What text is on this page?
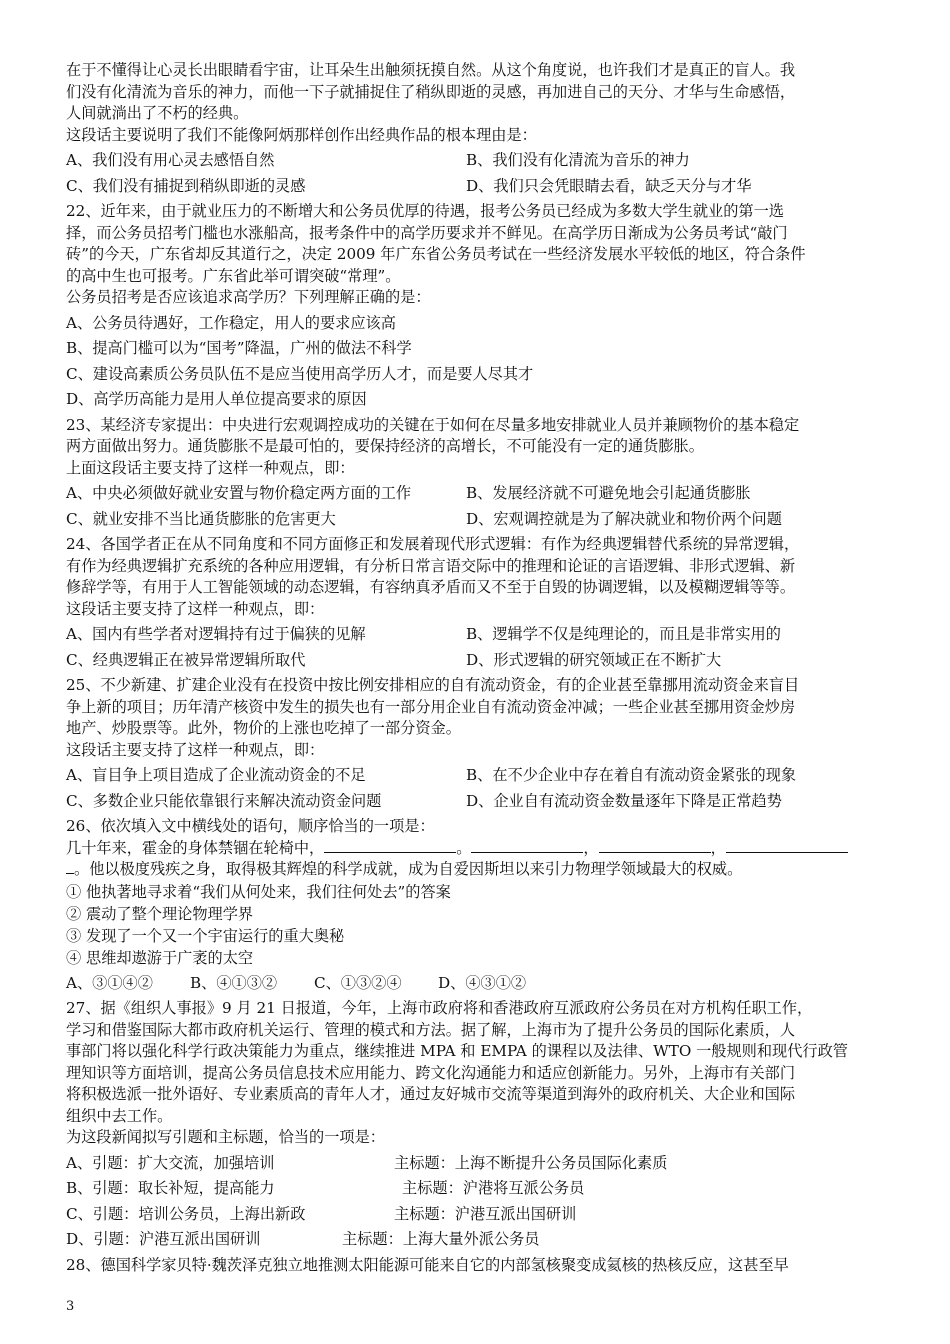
在于不懂得让心灵长出眼睛看宇宙，让耳朵生出触须抚摸自然。从这个角度说，也许我们才是真正的盲人。我

们没有化清流为音乐的神力，而他一下子就捕捉住了稍纵即逝的灵感，再加进自己的天分、才华与生命感悟，

人间就淌出了不朽的经典。

这段话主要说明了我们不能像阿炳那样创作出经典作品的根本理由是：

A、我们没有用心灵去感悟自然	B、我们没有化清流为音乐的神力
C、我们没有捕捉到稍纵即逝的灵感	D、我们只会凭眼睛去看，缺乏天分与才华

22、近年来，由于就业压力的不断增大和公务员优厚的待遇，报考公务员已经成为多数大学生就业的第一选

择，而公务员招考门槛也水涨船高，报考条件中的高学历要求并不鲜见。在高学历日渐成为公务员考试“敲门

砖”的今天，广东省却反其道行之，决定 2009 年广东省公务员考试在一些经济发展水平较低的地区，符合条件

的高中生也可报考。广东省此举可谓突破“常理”。

公务员招考是否应该追求高学历？下列理解正确的是：

A、公务员待遇好，工作稳定，用人的要求应该高
B、提高门槛可以为“国考”降温，广州的做法不科学
C、建设高素质公务员队伍不是应当使用高学历人才，而是要人尽其才
D、高学历高能力是用人单位提高要求的原因

23、某经济专家提出：中央进行宏观调控成功的关键在于如何在尽量多地安排就业人员并兼顾物价的基本稳定

两方面做出努力。通货膨胀不是最可怕的，要保持经济的高增长，不可能没有一定的通货膨胀。

上面这段话主要支持了这样一种观点，即：

A、中央必须做好就业安置与物价稳定两方面的工作	B、发展经济就不可避免地会引起通货膨胀
C、就业安排不当比通货膨胀的危害更大	D、宏观调控就是为了解决就业和物价两个问题

24、各国学者正在从不同角度和不同方面修正和发展着现代形式逻辑：有作为经典逻辑替代系统的异常逻辑，

有作为经典逻辑扩充系统的各种应用逻辑，有分析日常言语交际中的推理和论证的言语逻辑、非形式逻辑、新

修辞学等，有用于人工智能领域的动态逻辑，有容纳真矛盾而又不至于自毁的协调逻辑，以及模糊逻辑等等。

这段话主要支持了这样一种观点，即：

A、国内有些学者对逻辑持有过于偏狭的见解	B、逻辑学不仅是纯理论的，而且是非常实用的
C、经典逻辑正在被异常逻辑所取代	D、形式逻辑的研究领域正在不断扩大

25、不少新建、扩建企业没有在投资中按比例安排相应的自有流动资金，有的企业甚至靠挪用流动资金来盲目

争上新的项目；历年清产核资中发生的损失也有一部分用企业自有流动资金冲减；一些企业甚至挪用资金炒房

地产、炒股票等。此外，物价的上涨也吃掉了一部分资金。

这段话主要支持了这样一种观点，即：

A、盲目争上项目造成了企业流动资金的不足	B、在不少企业中存在着自有流动资金紧张的现象
C、多数企业只能依靠银行来解决流动资金问题	D、企业自有流动资金数量逐年下降是正常趋势

26、依次填入文中横线处的语句，顺序恰当的一项是：

几十年来，霍金的身体禁锢在轮椅中，	。	，	，

。他以极度残疾之身，取得极其辉煌的科学成就，成为自爱因斯坦以来引力物理学领域最大的权威。

① 他执著地寻求着“我们从何处来，我们往何处去”的答案
② 震动了整个理论物理学界
③ 发现了一个又一个宇宙运行的重大奥秘
④ 思维却遨游于广袤的太空
A、③①④②	B、④①③②	C、①③②④	D、④③①②

27、据《组织人事报》9 月 21 日报道，今年，上海市政府将和香港政府互派政府公务员在对方机构任职工作，

学习和借鉴国际大都市政府机关运行、管理的模式和方法。据了解，上海市为了提升公务员的国际化素质，人

事部门将以强化科学行政决策能力为重点，继续推进 MPA 和 EMPA 的课程以及法律、WTO 一般规则和现代行政管

理知识等方面培训，提高公务员信息技术应用能力、跨文化沟通能力和适应创新能力。另外，上海市有关部门

将积极选派一批外语好、专业素质高的青年人才，通过友好城市交流等渠道到海外的政府机关、大企业和国际

组织中去工作。

为这段新闻拟写引题和主标题，恰当的一项是：

A、引题：扩大交流，加强培训	主标题：上海不断提升公务员国际化素质
B、引题：取长补短，提高能力	主标题：沪港将互派公务员
C、引题：培训公务员，上海出新政	主标题：沪港互派出国研训
D、引题：沪港互派出国研训	主标题：上海大量外派公务员

28、德国科学家贝特·魏茨泽克独立地推测太阳能源可能来自它的内部氢核聚变成氦核的热核反应，这甚至早

3
